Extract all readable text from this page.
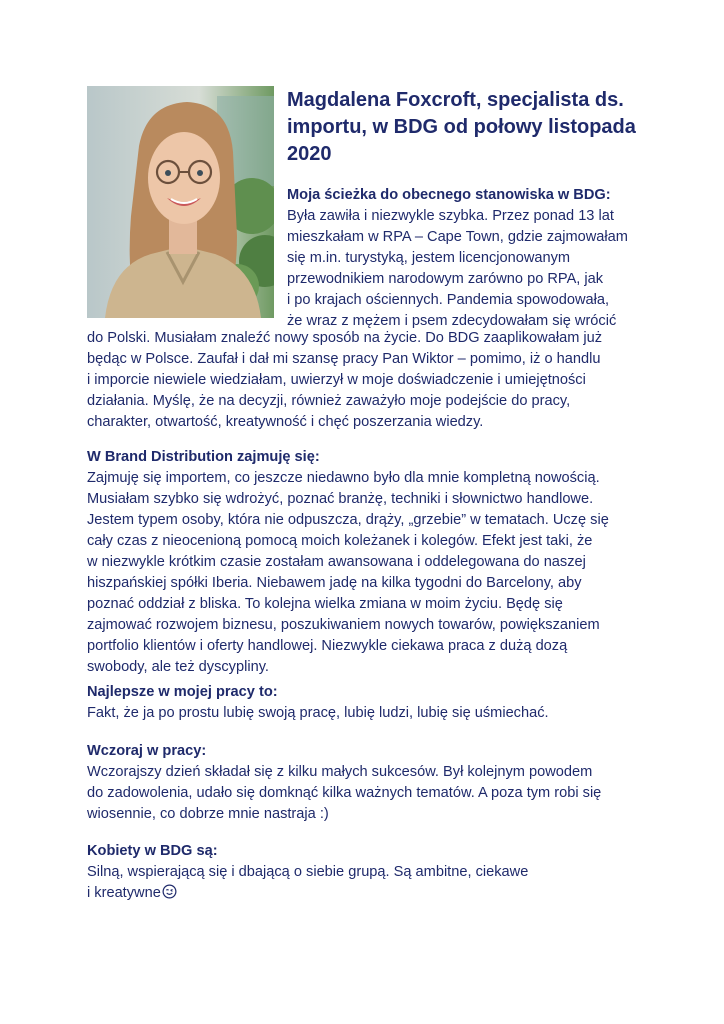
Magdalena Foxcroft, specjalista ds. importu, w BDG od połowy listopada 2020
Moja ścieżka do obecnego stanowiska w BDG:
Była zawiła i niezwykle szybka. Przez ponad 13 lat
mieszkałam w RPA – Cape Town, gdzie zajmowałam
się m.in. turystyką, jestem licencjonowanym
przewodnikiem narodowym zarówno po RPA, jak
i po krajach ościennych. Pandemia spowodowała,
że wraz z mężem i psem zdecydowałam się wrócić
do Polski. Musiałam znaleźć nowy sposób na życie. Do BDG zaaplikowałam już
będąc w Polsce. Zaufał i dał mi szansę pracy Pan Wiktor – pomimo, iż o handlu
i imporcie niewiele wiedziałam, uwierzył w moje doświadczenie i umiejętności
działania. Myślę, że na decyzji, również zaważyło moje podejście do pracy,
charakter, otwartość, kreatywność i chęć poszerzania wiedzy.
W Brand Distribution zajmuję się:
Zajmuję się importem, co jeszcze niedawno było dla mnie kompletną nowością.
Musiałam szybko się wdrożyć, poznać branżę, techniki i słownictwo handlowe.
Jestem typem osoby, która nie odpuszcza, drąży, „grzebie” w tematach. Uczę się
cały czas z nieocenioną pomocą moich koleżanek i kolegów. Efekt jest taki, że
w niezwykle krótkim czasie zostałam awansowana i oddelegowana do naszej
hiszpańskiej spółki Iberia. Niebawem jadę na kilka tygodni do Barcelony, aby
poznać oddział z bliska. To kolejna wielka zmiana w moim życiu. Będę się
zajmować rozwojem biznesu, poszukiwaniem nowych towarów, powiększaniem
portfolio klientów i oferty handlowej. Niezwykle ciekawa praca z dużą dozą
swobody, ale też dyscypliny.
Najlepsze w mojej pracy to:
Fakt, że ja po prostu lubię swoją pracę, lubię ludzi, lubię się uśmiechać.
Wczoraj w pracy:
Wczorajszy dzień składał się z kilku małych sukcesów. Był kolejnym powodem
do zadowolenia, udało się domknąć kilka ważnych tematów. A poza tym robi się
wiosennie, co dobrze mnie nastraja :)
Kobiety w BDG są:
Silną, wspierającą się i dbającą o siebie grupą. Są ambitne, ciekawe
i kreatywne
